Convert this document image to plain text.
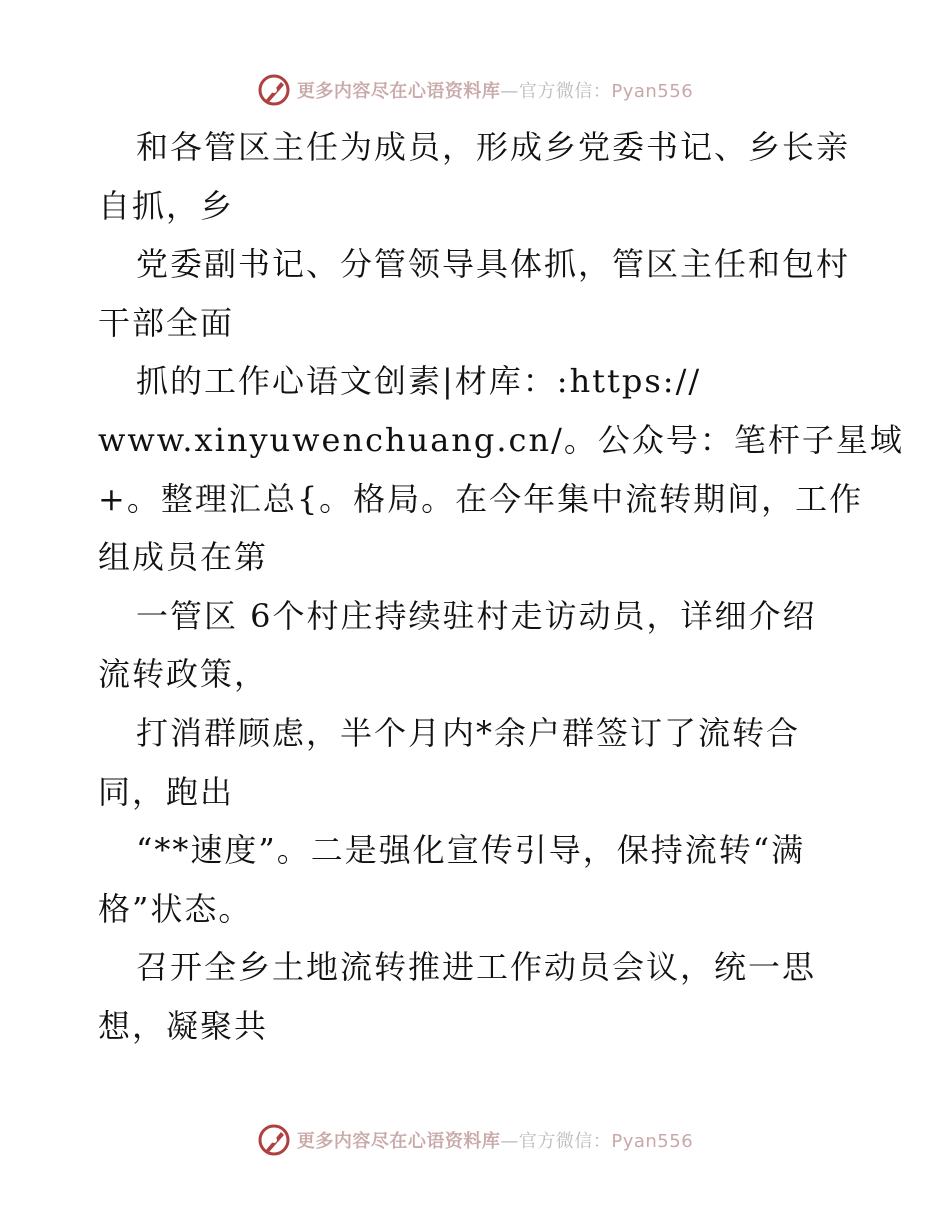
更多内容尽在心语资料库—官方微信：Pyan556
和各管区主任为成员，形成乡党委书记、乡长亲
自抓，乡
党委副书记、分管领导具体抓，管区主任和包村
干部全面
抓的工作心语文创素|材库：:https://
www.xinyuwenchuang.cn/。公众号：笔杆子星域
+。整理汇总{。格局。在今年集中流转期间，工作
组成员在第
一管区 6个村庄持续驻村走访动员，详细介绍
流转政策，
打消群顾虑，半个月内*余户群签订了流转合
同，跑出
“**速度”。二是强化宣传引导，保持流转“满
格”状态。
召开全乡土地流转推进工作动员会议，统一思
想，凝聚共
更多内容尽在心语资料库—官方微信：Pyan556
